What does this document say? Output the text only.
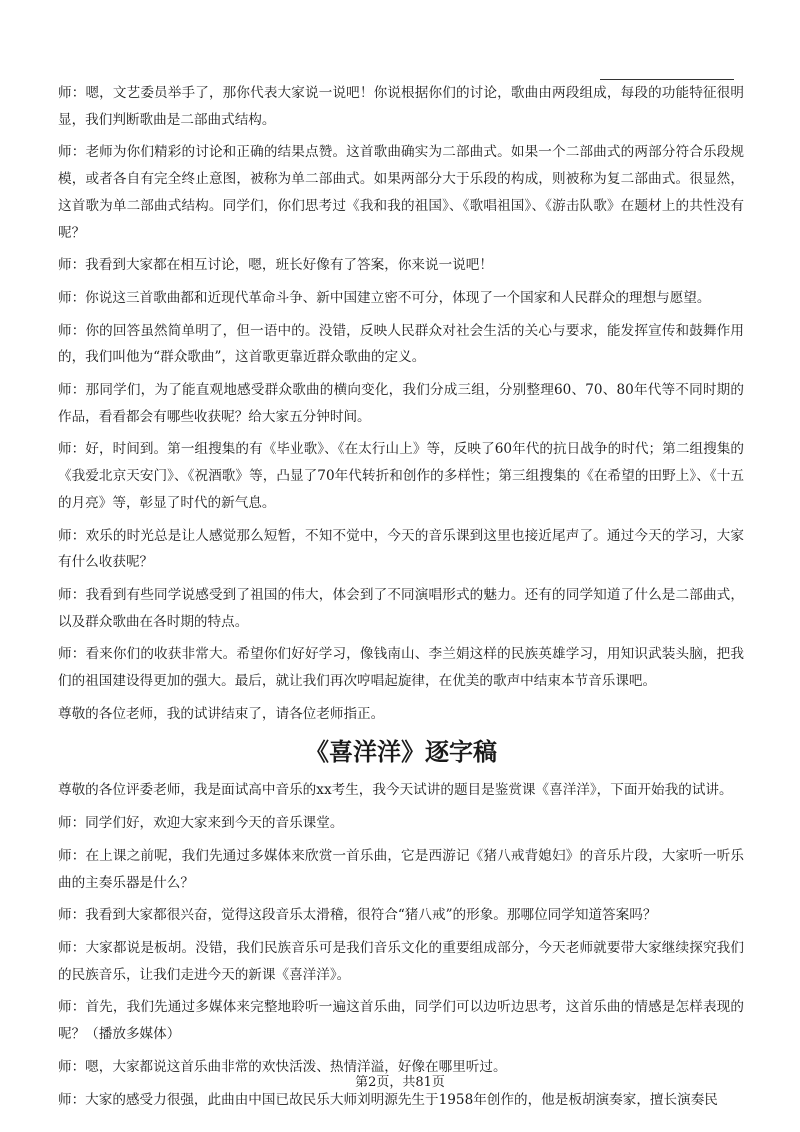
师：嗯，文艺委员举手了，那你代表大家说一说吧！你说根据你们的讨论，歌曲由两段组成，每段的功能特征很明显，我们判断歌曲是二部曲式结构。

师：老师为你们精彩的讨论和正确的结果点赞。这首歌曲确实为二部曲式。如果一个二部曲式的两部分符合乐段规模，或者各自有完全终止意图，被称为单二部曲式。如果两部分大于乐段的构成，则被称为复二部曲式。很显然，这首歌为单二部曲式结构。同学们，你们思考过《我和我的祖国》、《歌唱祖国》、《游击队歌》在题材上的共性没有呢？

师：我看到大家都在相互讨论，嗯，班长好像有了答案，你来说一说吧！

师：你说这三首歌曲都和近现代革命斗争、新中国建立密不可分，体现了一个国家和人民群众的理想与愿望。

师：你的回答虽然简单明了，但一语中的。没错，反映人民群众对社会生活的关心与要求，能发挥宣传和鼓舞作用的，我们叫他为“群众歌曲”，这首歌更靠近群众歌曲的定义。

师：那同学们，为了能直观地感受群众歌曲的横向变化，我们分成三组，分别整理60、70、80年代等不同时期的作品，看看都会有哪些收获呢？给大家五分钟时间。

师：好，时间到。第一组搜集的有《毕业歌》、《在太行山上》等，反映了60年代的抗日战争的时代；第二组搜集的《我爱北京天安门》、《祝酒歌》等，凸显了70年代转折和创作的多样性；第三组搜集的《在希望的田野上》、《十五的月亮》等，彰显了时代的新气息。

师：欢乐的时光总是让人感觉那么短暂，不知不觉中，今天的音乐课到这里也接近尾声了。通过今天的学习，大家有什么收获呢？

师：我看到有些同学说感受到了祖国的伟大，体会到了不同演唱形式的魅力。还有的同学知道了什么是二部曲式，以及群众歌曲在各时期的特点。

师：看来你们的收获非常大。希望你们好好学习，像钱南山、李兰娟这样的民族英雄学习，用知识武装头脑，把我们的祖国建设得更加的强大。最后，就让我们再次哼唱起旋律，在优美的歌声中结束本节音乐课吧。

尊敬的各位老师，我的试讲结束了，请各位老师指正。

《喜洋洋》逐字稿

尊敬的各位评委老师，我是面试高中音乐的xx考生，我今天试讲的题目是鉴赏课《喜洋洋》，下面开始我的试讲。

师：同学们好，欢迎大家来到今天的音乐课堂。

师：在上课之前呢，我们先通过多媒体来欣赏一首乐曲，它是西游记《猪八戒背媳妇》的音乐片段，大家听一听乐曲的主奏乐器是什么？

师：我看到大家都很兴奋，觉得这段音乐太滑稽，很符合“猪八戒”的形象。那哪位同学知道答案吗？

师：大家都说是板胡。没错，我们民族音乐可是我们音乐文化的重要组成部分，今天老师就要带大家继续探究我们的民族音乐，让我们走进今天的新课《喜洋洋》。

师：首先，我们先通过多媒体来完整地聆听一遍这首乐曲，同学们可以边听边思考，这首乐曲的情感是怎样表现的呢？（播放多媒体）

师：嗯，大家都说这首乐曲非常的欢快活泼、热情洋溢，好像在哪里听过。

师：大家的感受力很强，此曲由中国已故民乐大师刘明源先生于1958年创作的，他是板胡演奏家，擅长演奏民

第2页，共81页
